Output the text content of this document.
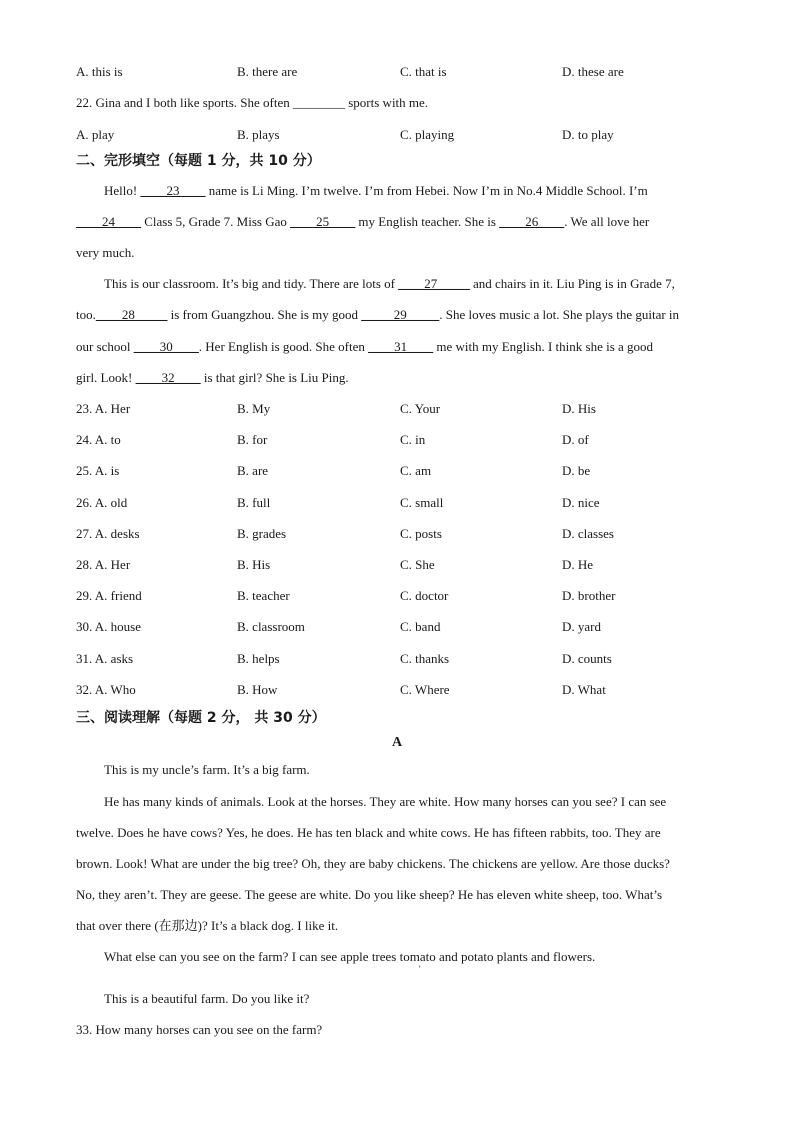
A. this is	B. there are	C. that is	D. these are
22. Gina and I both like sports. She often ________ sports with me.
A. play	B. plays	C. playing	D. to play
二、完形填空（每题 1 分，共 10 分）
Hello! ____23____ name is Li Ming. I’m twelve. I’m from Hebei. Now I’m in No.4 Middle School. I’m
____24____ Class 5, Grade 7. Miss Gao ____25____ my English teacher. She is ____26____. We all love her
very much.
This is our classroom. It’s big and tidy. There are lots of ____27_____ and chairs in it. Liu Ping is in Grade 7,
too.____28_____ is from Guangzhou. She is my good _____29_____. She loves music a lot. She plays the guitar in
our school ____30____. Her English is good. She often ____31____ me with my English. I think she is a good
girl. Look! ____32____ is that girl? She is Liu Ping.
23. A. Her	B. My	C. Your	D. His
24. A. to	B. for	C. in	D. of
25. A. is	B. are	C. am	D. be
26. A. old	B. full	C. small	D. nice
27. A. desks	B. grades	C. posts	D. classes
28. A. Her	B. His	C. She	D. He
29. A. friend	B. teacher	C. doctor	D. brother
30. A. house	B. classroom	C. band	D. yard
31. A. asks	B. helps	C. thanks	D. counts
32. A. Who	B. How	C. Where	D. What
三、阅读理解（每题 2 分， 共 30 分）
A
This is my uncle’s farm. It’s a big farm.
He has many kinds of animals. Look at the horses. They are white. How many horses can you see? I can see
twelve. Does he have cows? Yes, he does. He has ten black and white cows. He has fifteen rabbits, too. They are
brown. Look! What are under the big tree? Oh, they are baby chickens. The chickens are yellow. Are those ducks?
No, they aren’t. They are geese. The geese are white. Do you like sheep? He has eleven white sheep, too. What’s
that over there (在那边)? It’s a black dog. I like it.
What else can you see on the farm? I can see apple trees tomato and potato plants and flowers.
'
This is a beautiful farm. Do you like it?
33. How many horses can you see on the farm?
